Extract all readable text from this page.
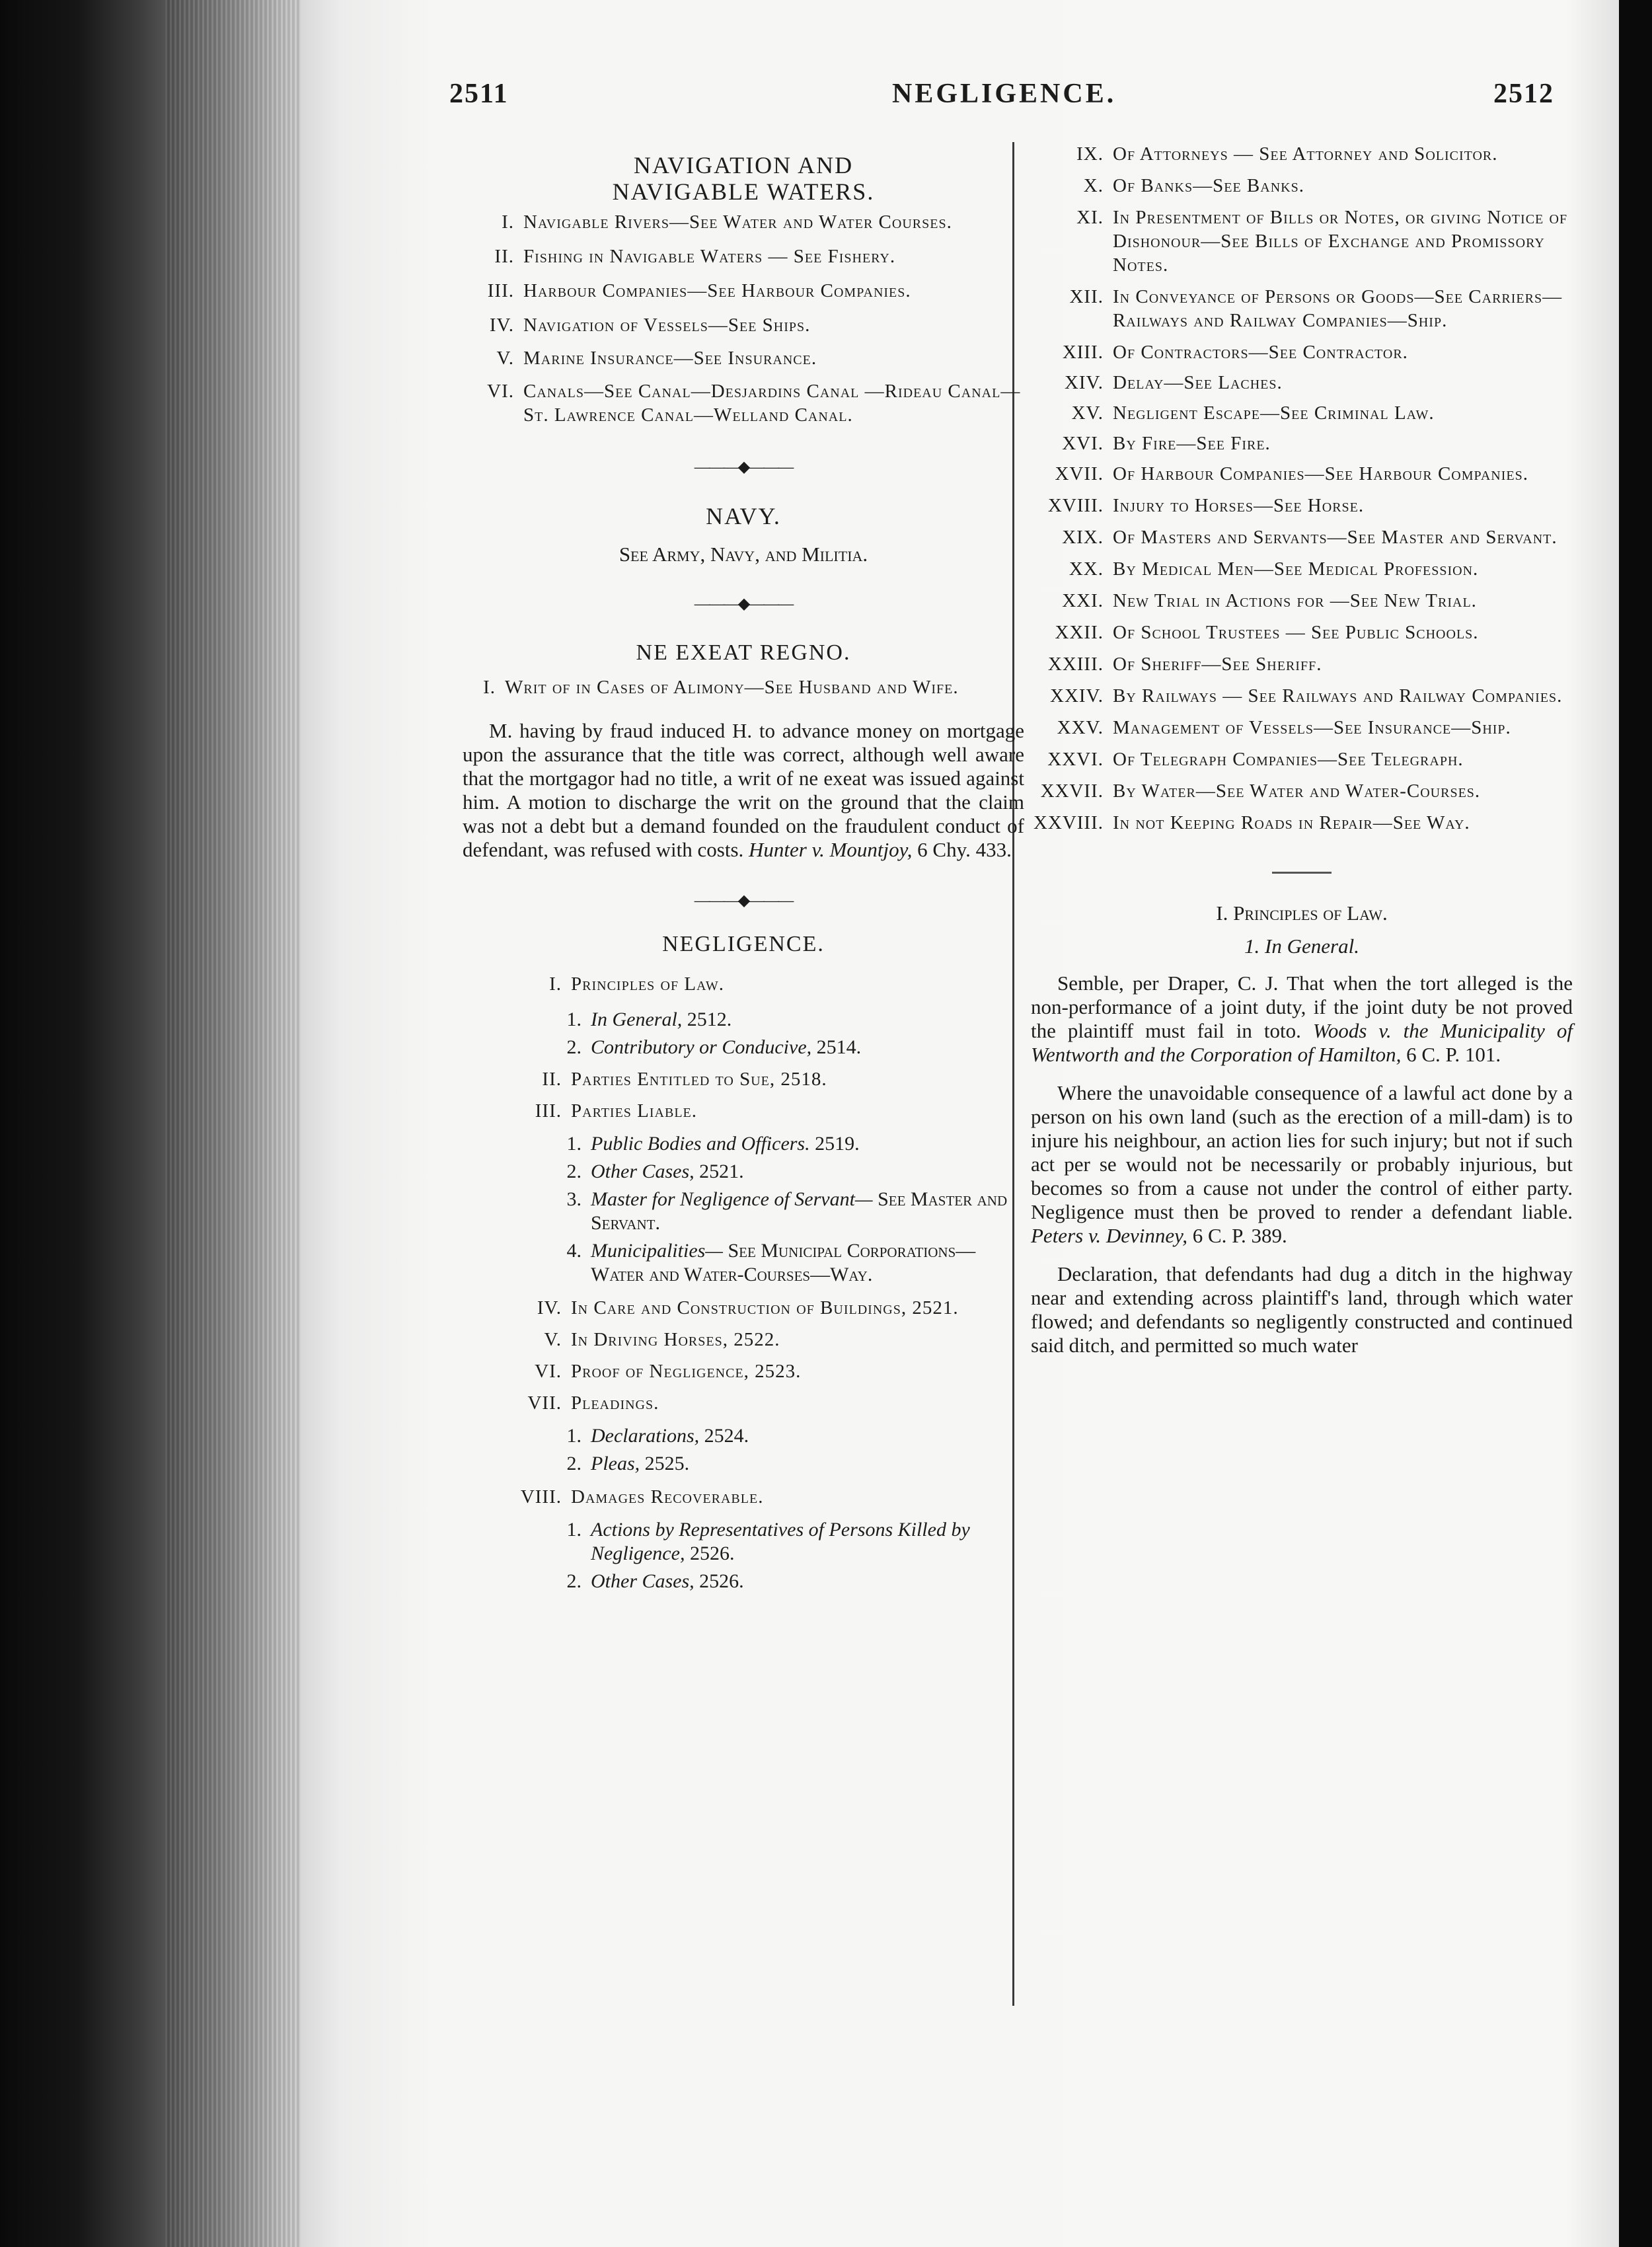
2511	NEGLIGENCE.	2512

NAVIGATION AND NAVIGABLE WATERS.

I. Navigable Rivers—See Water and Water Courses.
II. Fishing in Navigable Waters — See Fishery.
III. Harbour Companies—See Harbour Companies.
IV. Navigation of Vessels—See Ships.
V. Marine Insurance—See Insurance.
VI. Canals—See Canal—Desjardins Canal —Rideau Canal—St. Lawrence Canal—Welland Canal.

———◆———

NAVY.

See Army, Navy, and Militia.

———◆———

NE EXEAT REGNO.

I. Writ of in Cases of Alimony—See Husband and Wife.

M. having by fraud induced H. to advance money on mortgage upon the assurance that the title was correct, although well aware that the mortgagor had no title, a writ of ne exeat was issued against him. A motion to discharge the writ on the ground that the claim was not a debt but a demand founded on the fraudulent conduct of defendant, was refused with costs. Hunter v. Mountjoy, 6 Chy. 433.

———◆———

NEGLIGENCE.

I. Principles of Law.
1. In General, 2512.
2. Contributory or Conducive, 2514.
II. Parties Entitled to Sue, 2518.
III. Parties Liable.
1. Public Bodies and Officers. 2519.
2. Other Cases, 2521.
3. Master for Negligence of Servant— See Master and Servant.
4. Municipalities— See Municipal Corporations—Water and Water-Courses—Way.
IV. In Care and Construction of Buildings, 2521.
V. In Driving Horses, 2522.
VI. Proof of Negligence, 2523.
VII. Pleadings.
1. Declarations, 2524.
2. Pleas, 2525.
VIII. Damages Recoverable.
1. Actions by Representatives of Persons Killed by Negligence, 2526.
2. Other Cases, 2526.
IX. Of Attorneys — See Attorney and Solicitor.
X. Of Banks—See Banks.
XI. In Presentment of Bills or Notes, or giving Notice of Dishonour—See Bills of Exchange and Promissory Notes.
XII. In Conveyance of Persons or Goods—See Carriers—Railways and Railway Companies—Ship.
XIII. Of Contractors—See Contractor.
XIV. Delay—See Laches.
XV. Negligent Escape—See Criminal Law.
XVI. By Fire—See Fire.
XVII. Of Harbour Companies—See Harbour Companies.
XVIII. Injury to Horses—See Horse.
XIX. Of Masters and Servants—See Master and Servant.
XX. By Medical Men—See Medical Profession.
XXI. New Trial in Actions for —See New Trial.
XXII. Of School Trustees — See Public Schools.
XXIII. Of Sheriff—See Sheriff.
XXIV. By Railways — See Railways and Railway Companies.
XXV. Management of Vessels—See Insurance—Ship.
XXVI. Of Telegraph Companies—See Telegraph.
XXVII. By Water—See Water and Water-Courses.
XXVIII. In not Keeping Roads in Repair—See Way.
I. Principles of Law.
1. In General.

Semble, per Draper, C. J. That when the tort alleged is the non-performance of a joint duty, if the joint duty be not proved the plaintiff must fail in toto. Woods v. the Municipality of Wentworth and the Corporation of Hamilton, 6 C. P. 101.

Where the unavoidable consequence of a lawful act done by a person on his own land (such as the erection of a mill-dam) is to injure his neighbour, an action lies for such injury; but not if such act per se would not be necessarily or probably injurious, but becomes so from a cause not under the control of either party. Negligence must then be proved to render a defendant liable. Peters v. Devinney, 6 C. P. 389.

Declaration, that defendants had dug a ditch in the highway near and extending across plaintiff's land, through which water flowed; and defendants so negligently constructed and continued said ditch, and permitted so much water
